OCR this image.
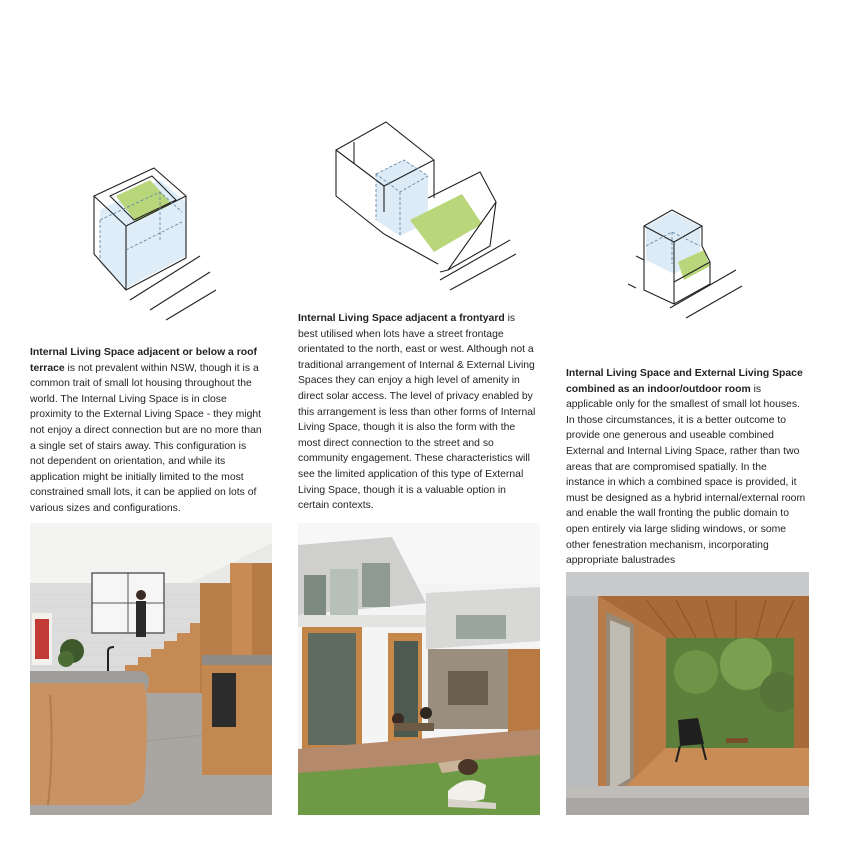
Internal Living Space adjacent or below a roof terrace is not prevalent within NSW, though it is a common trait of small lot housing throughout the world. The Internal Living Space is in close proximity to the External Living Space - they might not enjoy a direct connection but are no more than a single set of stairs away. This configuration is not dependent on orientation, and while its application might be initially limited to the most constrained small lots, it can be applied on lots of various sizes and configurations.
Internal Living Space adjacent a frontyard is best utilised when lots have a street frontage orientated to the north, east or west. Although not a traditional arrangement of Internal & External Living Spaces they can enjoy a high level of amenity in direct solar access. The level of privacy enabled by this arrangement is less than other forms of Internal Living Space, though it is also the form with the most direct connection to the street and so community engagement. These characteristics will see the limited application of this type of External Living Space, though it is a valuable option in certain contexts.
Internal Living Space and External Living Space combined as an indoor/outdoor room is applicable only for the smallest of small lot houses. In those circumstances, it is a better outcome to provide one generous and useable combined External and Internal Living Space, rather than two areas that are compromised spatially. In the instance in which a combined space is provided, it must be designed as a hybrid internal/external room and enable the wall fronting the public domain to open entirely via large sliding windows, or some other fenestration mechanism, incorporating appropriate balustrades
